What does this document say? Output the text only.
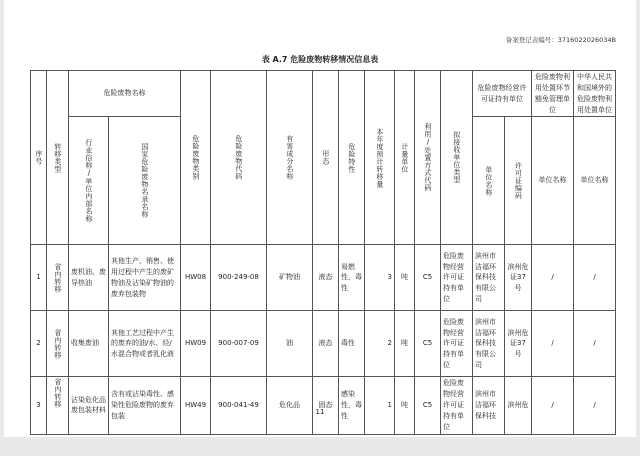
备案登记表编号：3716022026034B
表 A.7 危险废物转移情况信息表
序号	转移类型	危险废物名称		危险废物类别	危险废物代码	有害成分名称	形态	危险特性	本年度预计转移量	计量单位	利用/处置方式代码	拟接收单位类型	危险废物经营许可证持有单位		危险废物利用处置环节豁免管理单位	中华人民共和国境外的危险废物利用处置单位

		行业俗称/单位内部名称	国家危险废物名录名称										单位名称	许可证编码	单位名称	单位名称
1	省内转移	废机油、废导热油	其他生产、销售、使用过程中产生的废矿物油及沾染矿物油的废弃包装物	HW08	900-249-08	矿物油	液态	易燃性，毒性	3	吨	C5	危险废物经营许可证持有单位	滨州市洁福环保科技有限公司	滨州危证37号	/	/
2	省内转移	收集废油	其他工艺过程中产生的废弃的油/水、烃/水混合物或者乳化液	HW09	900-007-09	油	液态	毒性	2	吨	C5	危险废物经营许可证持有单位	滨州市洁福环保科技有限公司	滨州危证37号	/	/
3	省内转移	沾染危化品废包装材料	含有或沾染毒性、感染性危险废物的废弃包装	HW49	900-041-49	危化品	固态	感染性，毒性	1	吨	C5	危险废物经营许可证持有单位	滨州市洁福环保科技	滨州危	/	/
11
